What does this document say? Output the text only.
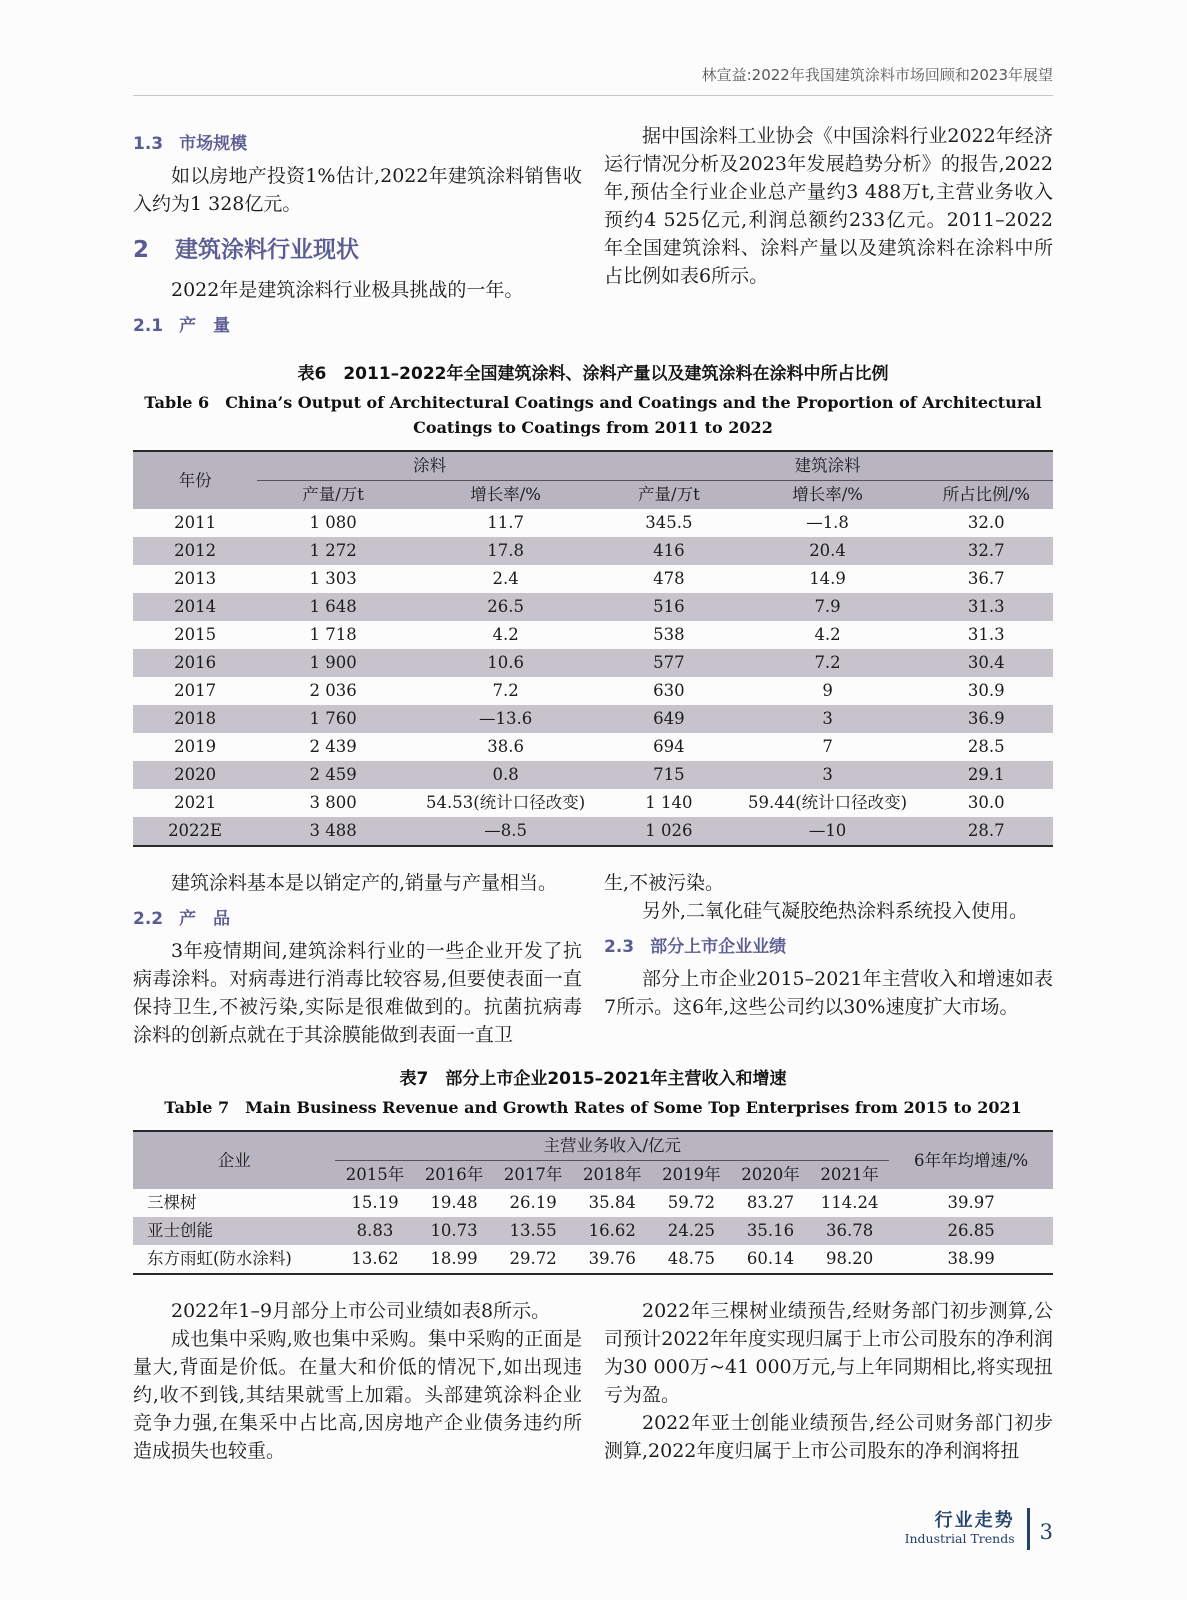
林宣益:2022年我国建筑涂料市场回顾和2023年展望
1.3 市场规模

如以房地产投资1%估计,2022年建筑涂料销售收入约为1 328亿元。

2 建筑涂料行业现状

2022年是建筑涂料行业极具挑战的一年。

2.1 产　量

据中国涂料工业协会《中国涂料行业2022年经济运行情况分析及2023年发展趋势分析》的报告,2022年,预估全行业企业总产量约3 488万t,主营业务收入预约4 525亿元,利润总额约233亿元。2011–2022年全国建筑涂料、涂料产量以及建筑涂料在涂料中所占比例如表6所示。

表6　2011–2022年全国建筑涂料、涂料产量以及建筑涂料在涂料中所占比例
Table 6　China’s Output of Architectural Coatings and Coatings and the Proportion of Architectural Coatings to Coatings from 2011 to 2022
年份	涂料		建筑涂料		
	产量/万t	增长率/%	产量/万t	增长率/%	所占比例/%
2011	1 080	11.7	345.5	—1.8	32.0
2012	1 272	17.8	416	20.4	32.7
2013	1 303	2.4	478	14.9	36.7
2014	1 648	26.5	516	7.9	31.3
2015	1 718	4.2	538	4.2	31.3
2016	1 900	10.6	577	7.2	30.4
2017	2 036	7.2	630	9	30.9
2018	1 760	—13.6	649	3	36.9
2019	2 439	38.6	694	7	28.5
2020	2 459	0.8	715	3	29.1
2021	3 800	54.53(统计口径改变)	1 140	59.44(统计口径改变)	30.0
2022E	3 488	—8.5	1 026	—10	28.7

建筑涂料基本是以销定产的,销量与产量相当。

2.2 产　品

3年疫情期间,建筑涂料行业的一些企业开发了抗病毒涂料。对病毒进行消毒比较容易,但要使表面一直保持卫生,不被污染,实际是很难做到的。抗菌抗病毒涂料的创新点就在于其涂膜能做到表面一直卫

生,不被污染。

另外,二氧化硅气凝胶绝热涂料系统投入使用。

2.3 部分上市企业业绩

部分上市企业2015–2021年主营收入和增速如表7所示。这6年,这些公司约以30%速度扩大市场。

表7　部分上市企业2015–2021年主营收入和增速
Table 7　Main Business Revenue and Growth Rates of Some Top Enterprises from 2015 to 2021
企业	主营业务收入/亿元							6年年均增速/%
	2015年	2016年	2017年	2018年	2019年	2020年	2021年	
三棵树	15.19	19.48	26.19	35.84	59.72	83.27	114.24	39.97
亚士创能	8.83	10.73	13.55	16.62	24.25	35.16	36.78	26.85
东方雨虹(防水涂料)	13.62	18.99	29.72	39.76	48.75	60.14	98.20	38.99

2022年1–9月部分上市公司业绩如表8所示。

成也集中采购,败也集中采购。集中采购的正面是量大,背面是价低。在量大和价低的情况下,如出现违约,收不到钱,其结果就雪上加霜。头部建筑涂料企业竞争力强,在集采中占比高,因房地产企业债务违约所造成损失也较重。

2022年三棵树业绩预告,经财务部门初步测算,公司预计2022年年度实现归属于上市公司股东的净利润为30 000万~41 000万元,与上年同期相比,将实现扭亏为盈。

2022年亚士创能业绩预告,经公司财务部门初步测算,2022年度归属于上市公司股东的净利润将扭

行业走势
Industrial Trends 3
